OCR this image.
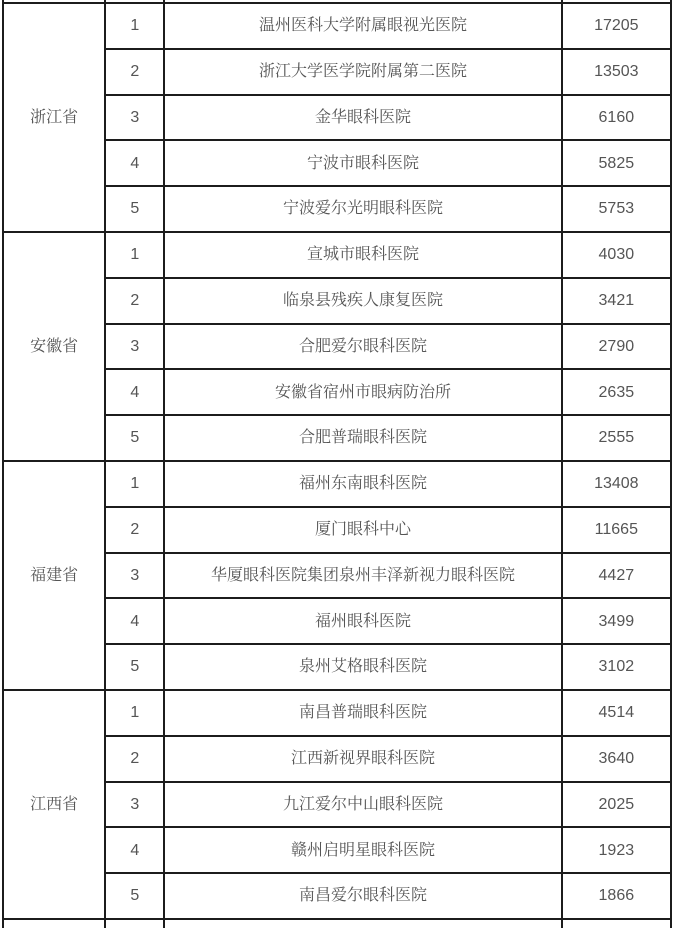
浙江省	1	温州医科大学附属眼视光医院	17205
	2	浙江大学医学院附属第二医院	13503
	3	金华眼科医院	6160
	4	宁波市眼科医院	5825
	5	宁波爱尔光明眼科医院	5753
安徽省	1	宣城市眼科医院	4030
	2	临泉县残疾人康复医院	3421
	3	合肥爱尔眼科医院	2790
	4	安徽省宿州市眼病防治所	2635
	5	合肥普瑞眼科医院	2555
福建省	1	福州东南眼科医院	13408
	2	厦门眼科中心	11665
	3	华厦眼科医院集团泉州丰泽新视力眼科医院	4427
	4	福州眼科医院	3499
	5	泉州艾格眼科医院	3102
江西省	1	南昌普瑞眼科医院	4514
	2	江西新视界眼科医院	3640
	3	九江爱尔中山眼科医院	2025
	4	赣州启明星眼科医院	1923
	5	南昌爱尔眼科医院	1866
